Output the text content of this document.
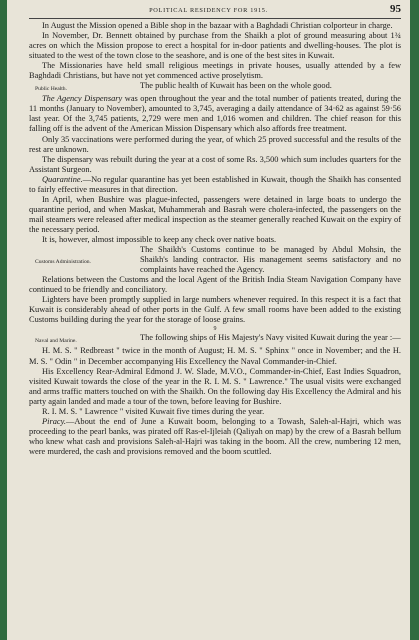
POLITICAL RESIDENCY FOR 1915.	95

In August the Mission opened a Bible shop in the bazaar with a Baghdadi Christian colporteur in charge.

In November, Dr. Bennett obtained by purchase from the Shaikh a plot of ground measuring about 1¾ acres on which the Mission propose to erect a hospital for in-door patients and dwelling-houses. The plot is situated to the west of the town close to the seashore, and is one of the best sites in Kuwait.

The Missionaries have held small religious meetings in private houses, usually attended by a few Baghdadi Christians, but have not yet commenced active proselytism.

Public Health.	The public health of Kuwait has been on the whole good.

The Agency Dispensary was open throughout the year and the total number of patients treated, during the 11 months (January to November), amounted to 3,745, averaging a daily attendance of 34·62 as against 59·56 last year. Of the 3,745 patients, 2,729 were men and 1,016 women and children. The chief reason for this falling off is the advent of the American Mission Dispensary which also affords free treatment.

Only 35 vaccinations were performed during the year, of which 25 proved successful and the results of the rest are unknown.

The dispensary was rebuilt during the year at a cost of some Rs. 3,500 which sum includes quarters for the Assistant Surgeon.

Quarantine.—No regular quarantine has yet been established in Kuwait, though the Shaikh has consented to fairly effective measures in that direction.

In April, when Bushire was plague-infected, passengers were detained in large boats to undergo the quarantine period, and when Maskat, Muhammerah and Basrah were cholera-infected, the passengers on the mail steamers were released after medical inspection as the steamer generally reached Kuwait on the expiry of the necessary period.

It is, however, almost impossible to keep any check over native boats.

Customs Administration.

The Shaikh's Customs continue to be managed by Abdul Mohsin, the Shaikh's landing contractor. His management seems satisfactory and no complaints have reached the Agency.

Relations between the Customs and the local Agent of the British India Steam Navigation Company have continued to be friendly and conciliatory.

Lighters have been promptly supplied in large numbers whenever required. In this respect it is a fact that Kuwait is considerably ahead of other ports in the Gulf. A few small rooms have been added to the existing Customs building during the year for the storage of loose grains.

9
Naval and Marine.	The following ships of His Majesty's Navy visited Kuwait during the year :—

H. M. S. " Redbreast " twice in the month of August; H. M. S. " Sphinx " once in November; and the H. M. S. " Odin " in December accompanying His Excellency the Naval Commander-in-Chief.

His Excellency Rear-Admiral Edmond J. W. Slade, M.V.O., Commander-in-Chief, East Indies Squadron, visited Kuwait towards the close of the year in the R. I. M. S. " Lawrence." The usual visits were exchanged and arms traffic matters touched on with the Shaikh. On the following day His Excellency the Admiral and his party again landed and made a tour of the town, before leaving for Bushire.

R. I. M. S. " Lawrence " visited Kuwait five times during the year.

Piracy.—About the end of June a Kuwait boom, belonging to a Towash, Saleh-al-Hajri, which was proceeding to the pearl banks, was pirated off Ras-el-Ijleiah (Qaliyah on map) by the crew of a Basrah bellum who knew what cash and provisions Saleh-al-Hajri was taking in the boom. All the crew, numbering 12 men, were murdered, the cash and provisions removed and the boom scuttled.
